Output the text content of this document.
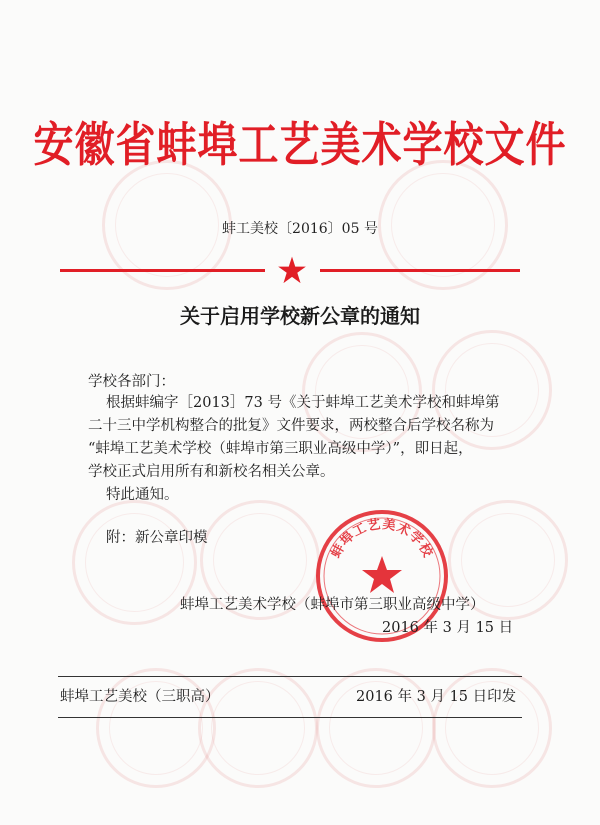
安徽省蚌埠工艺美术学校文件
蚌工美校〔2016〕05 号
关于启用学校新公章的通知
学校各部门：
根据蚌编字［2013］73 号《关于蚌埠工艺美术学校和蚌埠第
二十三中学机构整合的批复》文件要求，两校整合后学校名称为
“蚌埠工艺美术学校（蚌埠市第三职业高级中学）”，即日起，
学校正式启用所有和新校名相关公章。
特此通知。
附：新公章印模
蚌埠工艺美术学校
蚌埠工艺美术学校（蚌埠市第三职业高级中学）
2016 年 3 月 15 日
蚌埠工艺美校（三职高）	2016 年 3 月 15 日印发
